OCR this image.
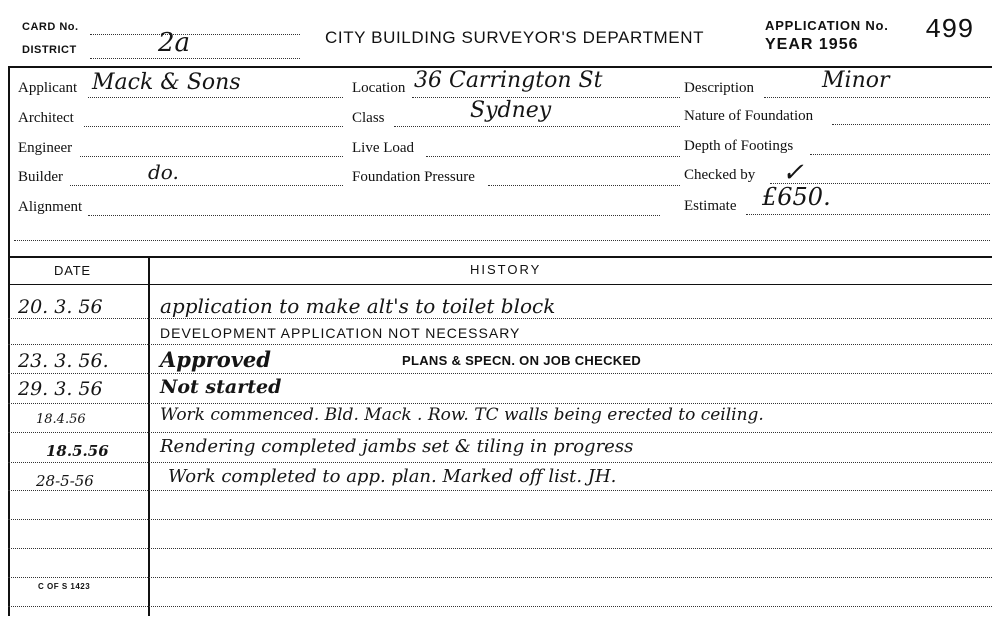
CARD No.
DISTRICT	2a	CITY BUILDING SURVEYOR'S DEPARTMENT
APPLICATION No.
YEAR 1956 499
Applicant Mack & Sons
Architect
Engineer
Builder	do.
Alignment
Location 36 Carrington St
Class	Sydney
Live Load
Foundation Pressure
Description	Minor
Nature of Foundation
Depth of Footings
Checked by ✓
Estimate £650.
DATE	HISTORY
20. 3. 56	application to make alt's to toilet block
DEVELOPMENT APPLICATION NOT NECESSARY
23. 3. 56. Approved	PLANS & SPECN. ON JOB CHECKED
29. 3. 56	Not started
18.4.56	Work commenced. Bld. Mack . Row. TC walls being erected to ceiling.
18.5.56	Rendering completed jambs set & tiling in progress
28-5-56	Work completed to app. plan. Marked off list. JH.
C OF S 1423
